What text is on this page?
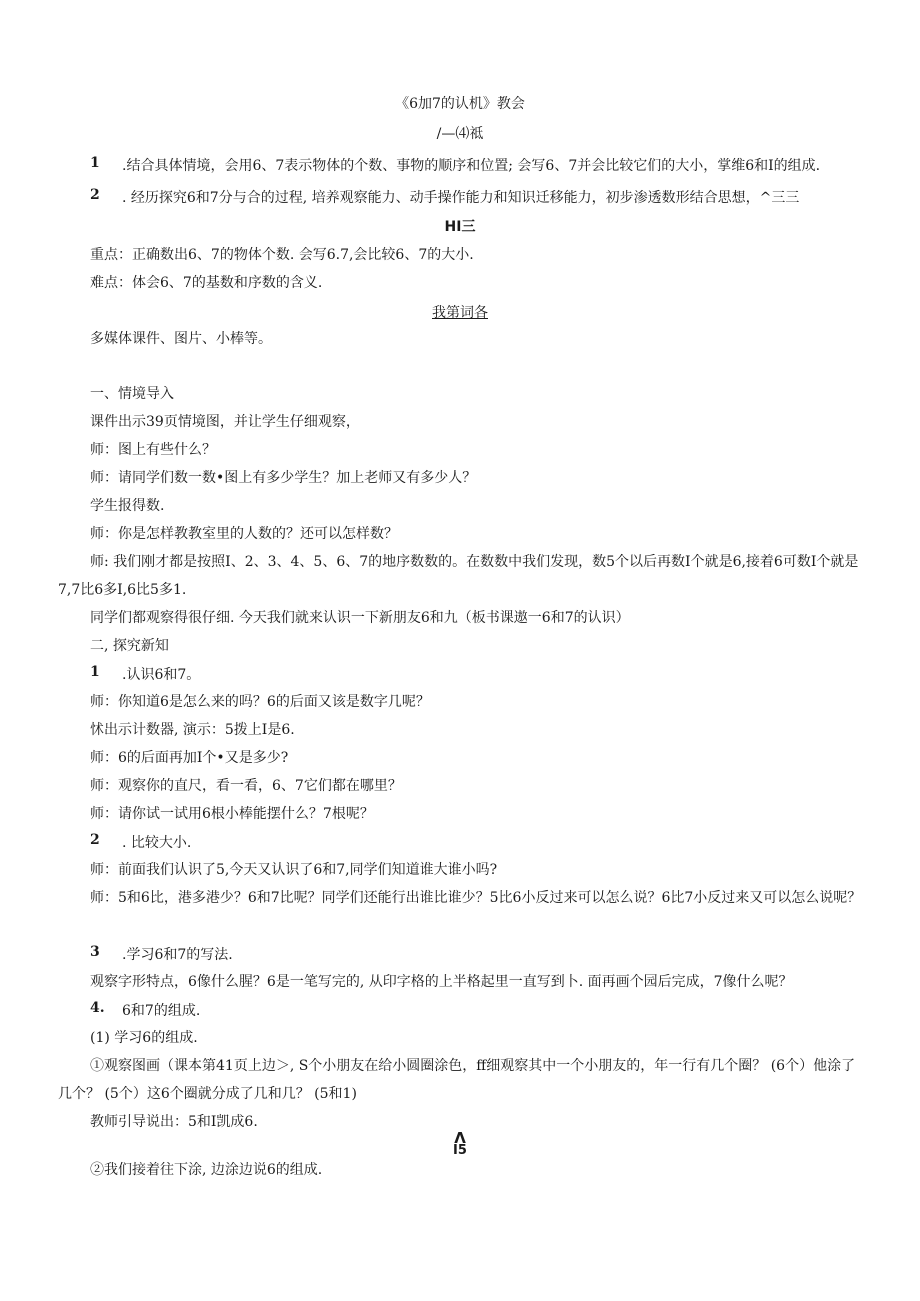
《6加7的认机》教会
/—⑷祗
1 .结合具体情境，会用6、7表示物体的个数、事物的顺序和位置; 会写6、7并会比较它们的大小，掌维6和I的组成.
2 . 经历探究6和7分与合的过程, 培养观察能力、动手操作能力和知识迁移能力，初步渗透数形结合思想，^三三
HI三
重点：正确数出6、7的物体个数. 会写6.7,会比较6、7的大小.
难点：体会6、7的基数和序数的含义.
我第词各
多媒体课件、图片、小棒等。
一、情境导入
课件出示39页情境图，并让学生仔细观察，
师：图上有些什么？
师：请同学们数一数•图上有多少学生？加上老师又有多少人？
学生报得数.
师：你是怎样教教室里的人数的？还可以怎样数？
师: 我们刚才都是按照I、2、3、4、5、6、7的地序数数的。在数数中我们发现，数5个以后再数I个就是6,接着6可数I个就是7,7比6多I,6比5多1.
同学们都观察得很仔细. 今天我们就来认识一下新朋友6和九（板书课遨一6和7的认识）
二, 探究新知
1 .认识6和7。
师：你知道6是怎么来的吗？6的后面又该是数字几呢？
怵出示计数器, 演示：5拨上I是6.
师：6的后面再加I个•又是多少?
师：观察你的直尺，看一看，6、7它们都在哪里？
师：请你试一试用6根小棒能摆什么？7根呢？
2 . 比较大小.
师：前面我们认识了5,今天又认识了6和7,同学们知道谁大谁小吗?
师：5和6比，港多港少？6和7比呢？同学们还能行出谁比谁少？5比6小反过来可以怎么说？6比7小反过来又可以怎么说呢？
3 .学习6和7的写法.
观察字形特点，6像什么腥？6是一笔写完的, 从印字格的上半格起里一直写到卜. 面再画个园后完成，7像什么呢？
4. 6和7的组成.
(1) 学习6的组成.
①观察图画（课本第41页上边＞, S个小朋友在给小圆圈涂色，ff细观察其中一个小朋友的，年一行有几个圈？ (6个）他涂了几个？ (5个）这6个圈就分成了几和几？ (5和1)
教师引导说出：5和I凯成6.
Λ
I5
②我们接着往下涂, 边涂边说6的组成.
